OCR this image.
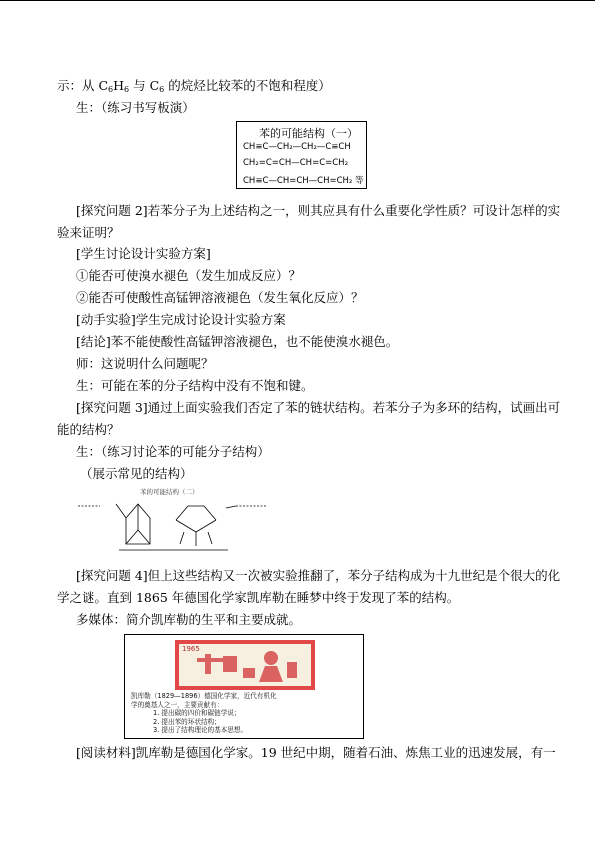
示：从 $C_6H_6$ 与 $C_6$ 的烷烃比较苯的不饱和程度）
生：（练习书写板演）
苯的可能结构（一）
CH≡C—CH₂—CH₂—C≡CH
CH₂=C=CH—CH=C=CH₂
CH≡C—CH=CH—CH=CH₂ 等
[探究问题 2]若苯分子为上述结构之一，则其应具有什么重要化学性质？可设计怎样的实
验来证明？
[学生讨论设计实验方案]
①能否可使溴水褪色（发生加成反应）？
②能否可使酸性高锰钾溶液褪色（发生氧化反应）？
[动手实验]学生完成讨论设计实验方案
[结论]苯不能使酸性高锰钾溶液褪色，也不能使溴水褪色。
师：这说明什么问题呢？
生：可能在苯的分子结构中没有不饱和键。
[探究问题 3]通过上面实验我们否定了苯的链状结构。若苯分子为多环的结构，试画出可
能的结构？
生：（练习讨论苯的可能分子结构）
（展示常见的结构）
苯的可能结构（二）
[探究问题 4]但上这些结构又一次被实验推翻了，苯分子结构成为十九世纪是个很大的化
学之谜。直到 1865 年德国化学家凯库勒在睡梦中终于发现了苯的结构。
多媒体：简介凯库勒的生平和主要成就。
1965
凯库勒（1829—1896）德国化学家，近代有机化
学的奠基人之一，主要贡献有：
1. 提出碳的四价和碳链学说；
2. 提出苯的环状结构；
3. 提出了结构理论的基本思想。
[阅读材料]凯库勒是德国化学家。19 世纪中期，随着石油、炼焦工业的迅速发展，有一
